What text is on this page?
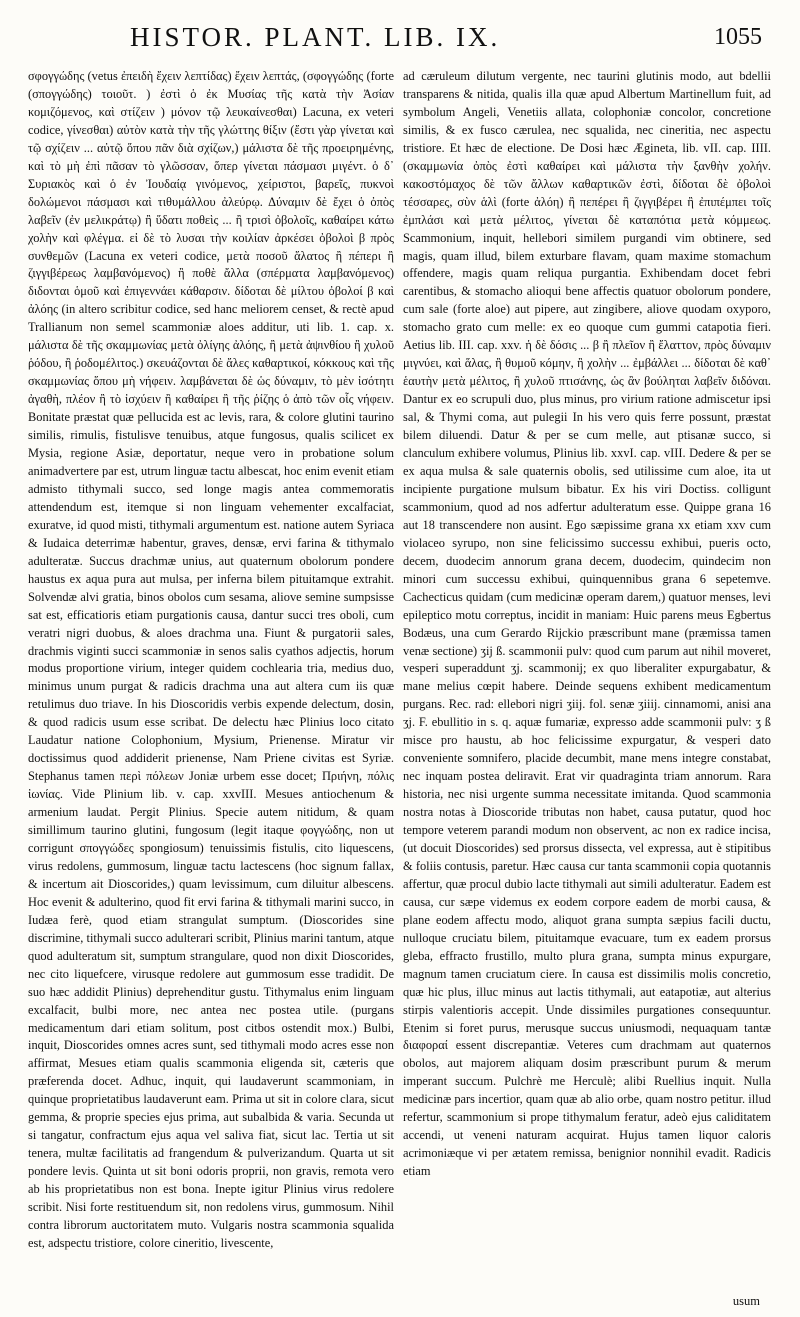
HISTOR. PLANT. LIB. IX.	1055

σφογγώδης (vetus ἐπειδὴ ἔχειν λεπτίδας) ἔχειν λεπτάς, (σφογγώδης (forte (σπογγώδης) τοιοῦτ. ) ἐστὶ ὁ ἐκ Μυσίας τῆς κατὰ τὴν Ἀσίαν κομιζόμενος, καὶ στίζειν ) μόνον τῷ λευκαίνεσθαι) Lacuna, ex veteri codice, γίνεσθαι) αὐτὸν κατὰ τὴν τῆς γλώττης θίξιν (ἔστι γὰρ γίνεται καὶ τῷ σχίζειν ... αὐτῷ ὅπου πᾶν διὰ σχίζων,) μάλιστα δὲ τῆς προειρημένης, καὶ τὸ μὴ ἐπὶ πᾶσαν τὸ γλῶσσαν, ὅπερ γίνεται πάσμασι μιγέντ. ὁ δ᾽ Συριακὸς καὶ ὁ ἐν Ἰουδαίᾳ γινόμενος, χείριστοι, βαρεῖς, πυκνοὶ δολώμενοι πάσμασι καὶ τιθυμάλλου ἀλεύρῳ. Δύναμιν δὲ ἔχει ὁ ὀπὸς λαβεῖν (ἐν μελικράτῳ) ἢ ὕδατι ποθεὶς ... ἢ τρισὶ ὀβολοῖς, καθαίρει κάτω χολὴν καὶ φλέγμα. εἰ δὲ τὸ λυσαι τὴν κοιλίαν ἀρκέσει ὀβολοὶ β πρὸς συνθεμῶν (Lacuna ex veteri codice, μετὰ ποσοῦ ἅλατος ἢ πέπερι ἢ ζιγγιβέρεως λαμβανόμενος) ἢ ποθὲ ἄλλα (σπέρματα λαμβανόμενος) διδονται ὁμοῦ καὶ ἐπιγεννάει κάθαρσιν. δίδοται δὲ μίλτου ὀβολοί β καὶ ἀλόης (in altero scribitur codice, sed hanc meliorem censet, & rectè apud Trallianum non semel scammoniæ aloes additur, uti lib. 1. cap. x. μάλιστα δὲ τῆς σκαμμωνίας μετὰ ὀλίγης ἀλόης, ἢ μετὰ ἀψινθίου ἢ χυλοῦ ῥόδου, ἢ ῥοδομέλιτος.) σκευάζονται δὲ ἄλες καθαρτικοί, κόκκους καὶ τῆς σκαμμωνίας ὅπου μὴ νήφειν. λαμβάνεται δὲ ὡς δύναμιν, τὸ μὲν ἰσότητι ἀγαθὴ, πλέον ἢ τὸ ἰσχύειν ἢ καθαίρει ἢ τῆς ῥίζης ὁ ἀπὸ τῶν οἷς νήφειν. Bonitate præstat quæ pellucida est ac levis, rara, & colore glutini taurino similis, rimulis, fistulisve tenuibus, atque fungosus, qualis scilicet ex Mysia, regione Asiæ, deportatur, neque vero in probatione solum animadvertere par est, utrum linguæ tactu albescat, hoc enim evenit etiam admisto tithymali succo, sed longe magis antea commemoratis attendendum est, itemque si non linguam vehementer excalfaciat, exuratve, id quod misti, tithymali argumentum est. natione autem Syriaca & Iudaica deterrimæ habentur, graves, densæ, ervi farina & tithymalo adulteratæ. Succus drachmæ unius, aut quaternum obolorum pondere haustus ex aqua pura aut mulsa, per inferna bilem pituitamque extrahit. Solvendæ alvi gratia, binos obolos cum sesama, aliove semine sumpsisse sat est, efficatioris etiam purgationis causa, dantur succi tres oboli, cum veratri nigri duobus, & aloes drachma una. Fiunt & purgatorii sales, drachmis viginti succi scammoniæ in senos salis cyathos adjectis, horum modus proportione virium, integer quidem cochlearia tria, medius duo, minimus unum purgat & radicis drachma una aut altera cum iis quæ retulimus duo triave. In his Dioscoridis verbis expende delectum, dosin, & quod radicis usum esse scribat. De delectu hæc Plinius loco citato Laudatur natione Colophonium, Mysium, Prienense. Miratur vir doctissimus quod addiderit prienense, Nam Priene civitas est Syriæ. Stephanus tamen περὶ πόλεων Joniæ urbem esse docet; Πριήνη, πόλις ἰωνίας. Vide Plinium lib. v. cap. xxvIII. Mesues antiochenum & armenium laudat. Pergit Plinius. Specie autem nitidum, & quam simillimum taurino glutini, fungosum (legit itaque φογγώδης, non ut corrigunt σπογγώδες spongiosum) tenuissimis fistulis, cito liquescens, virus redolens, gummosum, linguæ tactu lactescens (hoc signum fallax, & incertum ait Dioscorides,) quam levissimum, cum diluitur albescens. Hoc evenit & adulterino, quod fit ervi farina & tithymali marini succo, in Iudæa ferè, quod etiam strangulat sumptum. (Dioscorides sine discrimine, tithymali succo adulterari scribit, Plinius marini tantum, atque quod adulteratum sit, sumptum strangulare, quod non dixit Dioscorides, nec cito liquefcere, virusque redolere aut gummosum esse tradidit. De suo hæc addidit Plinius) deprehenditur gustu. Tithymalus enim linguam excalfacit, bulbi more, nec antea nec postea utile. (purgans medicamentum dari etiam solitum, post citbos ostendit mox.) Bulbi, inquit, Dioscorides omnes acres sunt, sed tithymali modo acres esse non affirmat, Mesues etiam qualis scammonia eligenda sit, cæteris que præferenda docet. Adhuc, inquit, qui laudaverunt scammoniam, in quinque proprietatibus laudaverunt eam. Prima ut sit in colore clara, sicut gemma, & proprie species ejus prima, aut subalbida & varia. Secunda ut si tangatur, confractum ejus aqua vel saliva fiat, sicut lac. Tertia ut sit tenera, multæ facilitatis ad frangendum & pulverizandum. Quarta ut sit pondere levis. Quinta ut sit boni odoris proprii, non gravis, remota vero ab his proprietatibus non est bona. Inepte igitur Plinius virus redolere scribit. Nisi forte restituendum sit, non redolens virus, gummosum. Nihil contra librorum auctoritatem muto. Vulgaris nostra scammonia squalida est, adspectu tristiore, colore cineritio, livescente,

ad cæruleum dilutum vergente, nec taurini glutinis modo, aut bdellii transparens & nitida, qualis illa quæ apud Albertum Martinellum fuit, ad symbolum Angeli, Venetiis allata, colophoniæ concolor, concretione similis, & ex fusco cærulea, nec squalida, nec cineritia, nec aspectu tristiore. Et hæc de electione. De Dosi hæc Ægineta, lib. vII. cap. IIII. (σκαμμωνία ὀπὸς ἐστὶ καθαίρει καὶ μάλιστα τὴν ξανθὴν χολήν. κακοστόμαχος δὲ τῶν ἄλλων καθαρτικῶν ἐστὶ, δίδοται δὲ ὀβολοὶ τέσσαρες, σὺν ἁλὶ (forte ἀλόη) ἢ πεπέρει ἢ ζιγγιβέρει ἢ ἐπιπέμπει τοῖς ἐμπλάσι καὶ μετὰ μέλιτος, γίνεται δὲ καταπότια μετὰ κόμμεως. Scammonium, inquit, hellebori similem purgandi vim obtinere, sed magis, quam illud, bilem exturbare flavam, quam maxime stomachum offendere, magis quam reliqua purgantia. Exhibendam docet febri carentibus, & stomacho alioqui bene affectis quatuor obolorum pondere, cum sale (forte aloe) aut pipere, aut zingibere, aliove quodam oxyporo, stomacho grato cum melle: ex eo quoque cum gummi catapotia fieri. Aetius lib. III. cap. xxv. ἡ δὲ δόσις ... β ἢ πλεῖον ἢ ἔλαττον, πρὸς δύναμιν μιγνύει, καὶ ἅλας, ἢ θυμοῦ κόμην, ἢ χολὴν ... ἐμβάλλει ... δίδοται δὲ καθ᾽ ἑαυτὴν μετὰ μέλιτος, ἢ χυλοῦ πτισάνης, ὡς ἂν βούληται λαβεῖν διδόναι. Dantur ex eo scrupuli duo, plus minus, pro virium ratione admiscetur ipsi sal, & Thymi coma, aut pulegii In his vero quis ferre possunt, præstat bilem diluendi. Datur & per se cum melle, aut ptisanæ succo, si clanculum exhibere volumus, Plinius lib. xxvI. cap. vIII. Dedere & per se ex aqua mulsa & sale quaternis obolis, sed utilissime cum aloe, ita ut incipiente purgatione mulsum bibatur. Ex his viri Doctiss. colligunt scammonium, quod ad nos adfertur adulteratum esse. Quippe grana 16 aut 18 transcendere non ausint. Ego sæpissime grana xx etiam xxv cum violaceo syrupo, non sine felicissimo successu exhibui, pueris octo, decem, duodecim annorum grana decem, duodecim, quindecim non minori cum successu exhibui, quinquennibus grana 6 sepetemve. Cachecticus quidam (cum medicinæ operam darem,) quatuor menses, levi epileptico motu correptus, incidit in maniam: Huic parens meus Egbertus Bodæus, una cum Gerardo Rijckio præscribunt mane (præmissa tamen venæ sectione) ʒij ß. scammonii pulv: quod cum parum aut nihil moveret, vesperi superaddunt ʒj. scammonij; ex quo liberaliter expurgabatur, & mane melius cœpit habere. Deinde sequens exhibent medicamentum purgans. Rec. rad: ellebori nigri ʒiij. fol. senæ ʒiiij. cinnamomi, anisi ana ʒj. F. ebullitio in s. q. aquæ fumariæ, expresso adde scammonii pulv: ʒ ß misce pro haustu, ab hoc felicissime expurgatur, & vesperi dato conveniente somnifero, placide decumbit, mane mens integre constabat, nec inquam postea deliravit. Erat vir quadraginta triam annorum. Rara historia, nec nisi urgente summa necessitate imitanda. Quod scammonia nostra notas à Dioscoride tributas non habet, causa putatur, quod hoc tempore veterem parandi modum non observent, ac non ex radice incisa, (ut docuit Dioscorides) sed prorsus dissecta, vel expressa, aut è stipitibus & foliis contusis, paretur. Hæc causa cur tanta scammonii copia quotannis affertur, quæ procul dubio lacte tithymali aut simili adulteratur. Eadem est causa, cur sæpe videmus ex eodem corpore eadem de morbi causa, & plane eodem affectu modo, aliquot grana sumpta sæpius facili ductu, nulloque cruciatu bilem, pituitamque evacuare, tum ex eadem prorsus gleba, effracto frustillo, multo plura grana, sumpta minus expurgare, magnum tamen cruciatum ciere. In causa est dissimilis molis concretio, quæ hic plus, illuc minus aut lactis tithymali, aut eatapotiæ, aut alterius stirpis valentioris accepit. Unde dissimiles purgationes consequuntur. Etenim si foret purus, merusque succus uniusmodi, nequaquam tantæ διαφοραί essent discrepantiæ. Veteres cum drachmam aut quaternos obolos, aut majorem aliquam dosim præscribunt purum & merum imperant succum. Pulchrè me Herculè; alibi Ruellius inquit. Nulla medicinæ pars incertior, quam quæ ab alio orbe, quam nostro petitur. illud refertur, scammonium si prope tithymalum feratur, adeò ejus caliditatem accendi, ut veneni naturam acquirat. Hujus tamen liquor caloris acrimoniæque vi per ætatem remissa, benignior nonnihil evadit. Radicis etiam

usum
